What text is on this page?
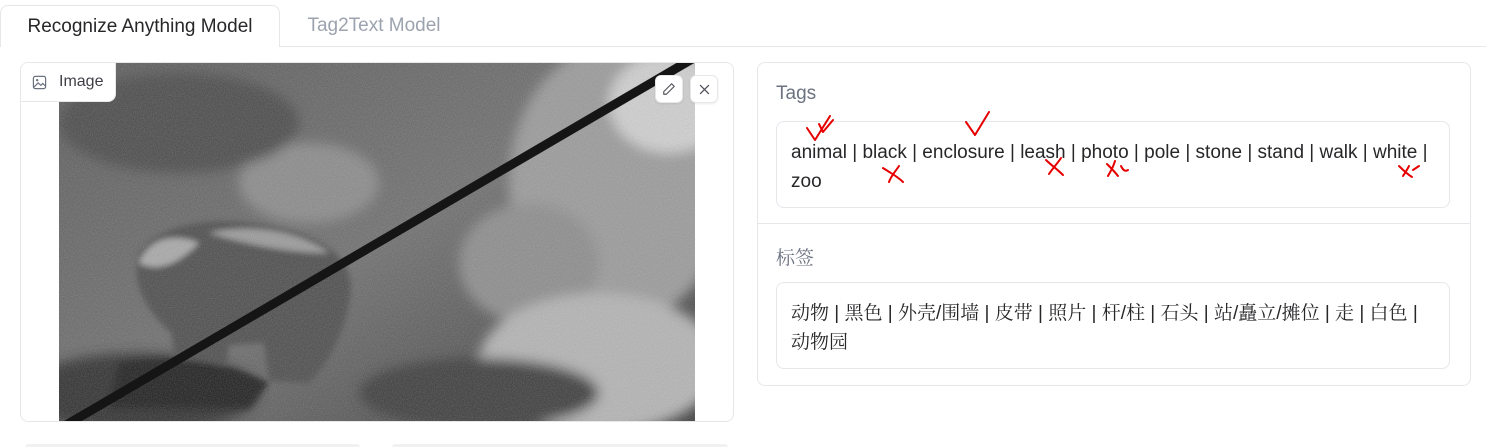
Recognize Anything Model	Tag2Text Model
Image
Tags
animal | black | enclosure | leash | photo | pole | stone | stand | walk | white | zoo
标签
动物 | 黑色 | 外壳/围墙 | 皮带 | 照片 | 杆/柱 | 石头 | 站/矗立/摊位 | 走 | 白色 | 动物园
